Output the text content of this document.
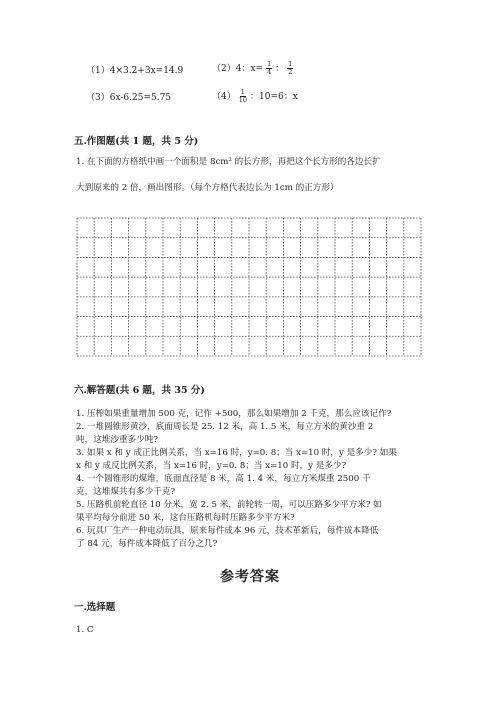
（1）4×3.2+3x=14.9	（2）4：$x= \frac{1}{4}$ ： $\frac{1}{2}$
（3）6x-6.25=5.75	$(4) \frac{1}{10}$ ：10=6：x
五.作图题(共 1 题，共 5 分)
1. 在下面的方格纸中画一个面积是 8cm² 的长方形，再把这个长方形的各边长扩
大到原来的 2 倍，画出图形。（每个方格代表边长为 1cm 的正方形）
六.解答题(共 6 题，共 35 分)
1. 压榨如果重量增加 500 克，记作 +500，那么如果增加 2 千克，那么应该记作?
2. 一堆圆锥形黄沙，底面周长是 25. 12 米，高 1. 5 米，每立方米的黄沙重 2
吨，这堆沙重多少吨?
3. 如果 x 和 y 成正比例关系，当 x=16 时，y=0. 8；当 x=10 时，y 是多少? 如果
x 和 y 成反比例关系，当 x=16 时，y=0. 8；当 x=10 时，y 是多少?
4. 一个圆锥形的煤堆，底面直径是 8 米，高 1. 4 米，每立方米煤重 2500 千
克，这堆煤共有多少千克?
5. 压路机前轮直径 10 分米，宽 2. 5 米，前轮转一周，可以压路多少平方米? 如
果平均每分前进 50 米，这台压路机每时压路多少平方米?
6. 玩具厂生产一种电动玩具，原来每件成本 96 元，技术革新后，每件成本降低
了 84 元，每件成本降低了百分之几?
参考答案
一.选择题
1. C
